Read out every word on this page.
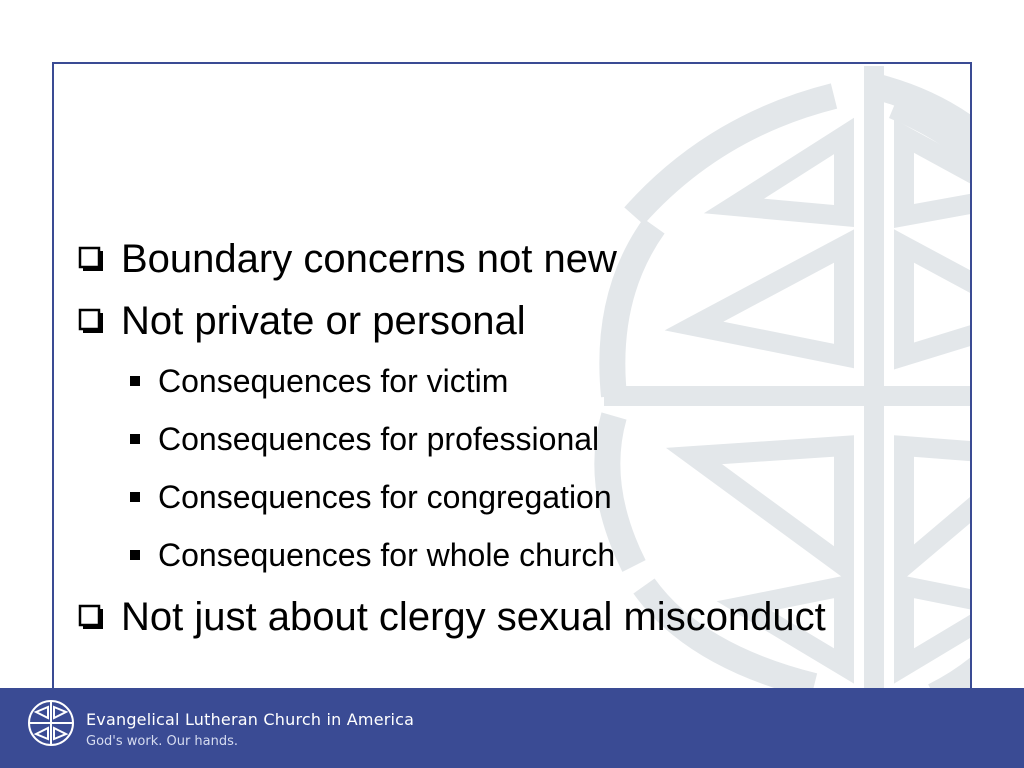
Boundary concerns not new
Not private or personal
Consequences for victim
Consequences for professional
Consequences for congregation
Consequences for whole church
Not just about clergy sexual misconduct
Evangelical Lutheran Church in America
God's work. Our hands.
